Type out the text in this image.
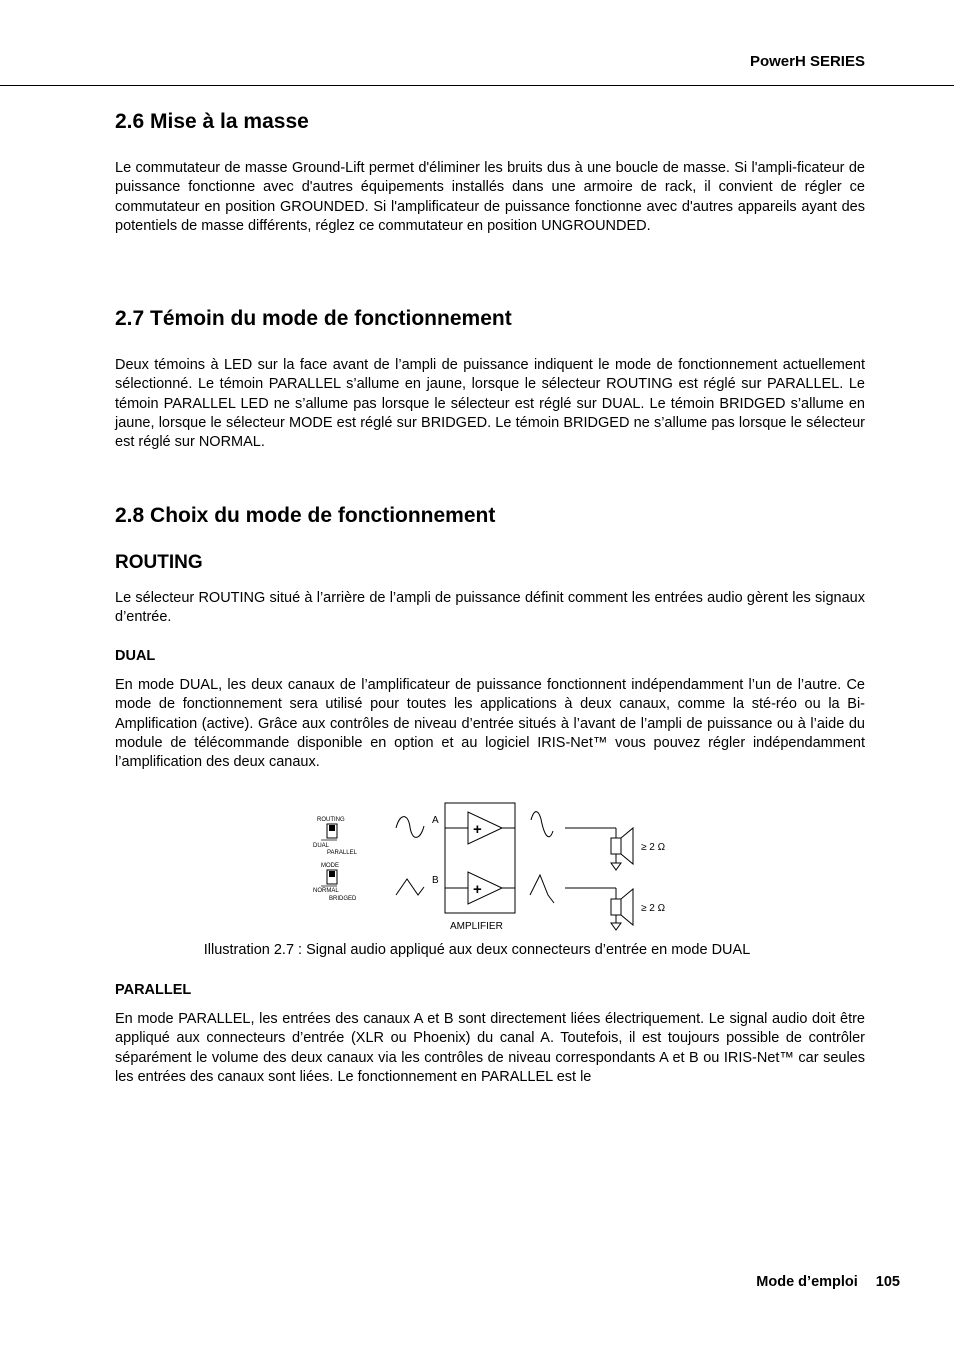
PowerH SERIES
2.6 Mise à la masse

Le commutateur de masse Ground-Lift permet d'éliminer les bruits dus à une boucle de masse. Si l'ampli-ficateur de puissance fonctionne avec d'autres équipements installés dans une armoire de rack, il convient de régler ce commutateur en position GROUNDED. Si l'amplificateur de puissance fonctionne avec d'autres appareils ayant des potentiels de masse différents, réglez ce commutateur en position UNGROUNDED.

2.7 Témoin du mode de fonctionnement

Deux témoins à LED sur la face avant de l’ampli de puissance indiquent le mode de fonctionnement actuellement sélectionné. Le témoin PARALLEL s’allume en jaune, lorsque le sélecteur ROUTING est réglé sur PARALLEL. Le témoin PARALLEL LED ne s’allume pas lorsque le sélecteur est réglé sur DUAL. Le témoin BRIDGED s’allume en jaune, lorsque le sélecteur MODE est réglé sur BRIDGED. Le témoin BRIDGED ne s’allume pas lorsque le sélecteur est réglé sur NORMAL.

2.8 Choix du mode de fonctionnement
ROUTING

Le sélecteur ROUTING situé à l’arrière de l’ampli de puissance définit comment les entrées audio gèrent les signaux d’entrée.

DUAL

En mode DUAL, les deux canaux de l’amplificateur de puissance fonctionnent indépendamment l’un de l’autre. Ce mode de fonctionnement sera utilisé pour toutes les applications à deux canaux, comme la sté-réo ou la Bi-Amplification (active). Grâce aux contrôles de niveau d’entrée situés à l’avant de l’ampli de puissance ou à l’aide du module de télécommande disponible en option et au logiciel IRIS-Net™ vous pouvez régler indépendamment l’amplification des deux canaux.

ROUTING
DUAL
PARALLEL
MODE
NORMAL
BRIDGED
A
B
+
+
AMPLIFIER
≥ 2 Ω
≥ 2 Ω
Illustration 2.7 : Signal audio appliqué aux deux connecteurs d’entrée en mode DUAL
PARALLEL

En mode PARALLEL, les entrées des canaux A et B sont directement liées électriquement. Le signal audio doit être appliqué aux connecteurs d’entrée (XLR ou Phoenix) du canal A. Toutefois, il est toujours possible de contrôler séparément le volume des deux canaux via les contrôles de niveau correspondants A et B ou IRIS-Net™ car seules les entrées des canaux sont liées. Le fonctionnement en PARALLEL est le

Mode d’emploi 105
